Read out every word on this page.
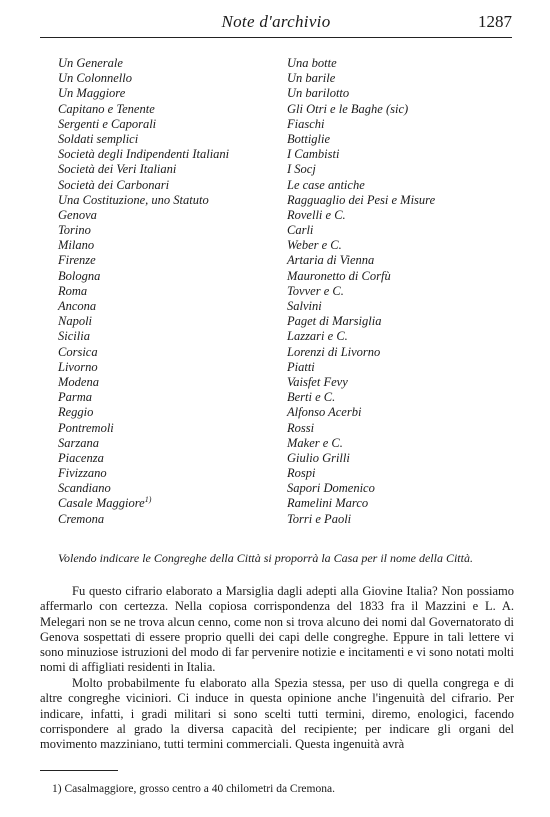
Note d'archivio	1287
Un Generale	Una botte
Un Colonnello	Un barile
Un Maggiore	Un barilotto
Capitano e Tenente	Gli Otri e le Baghe (sic)
Sergenti e Caporali	Fiaschi
Soldati semplici	Bottiglie
Società degli Indipendenti Italiani	I Cambisti
Società dei Veri Italiani	I Socj
Società dei Carbonari	Le case antiche
Una Costituzione, uno Statuto	Ragguaglio dei Pesi e Misure
Genova	Rovelli e C.
Torino	Carli
Milano	Weber e C.
Firenze	Artaria di Vienna
Bologna	Mauronetto di Corfù
Roma	Tovver e C.
Ancona	Salvini
Napoli	Paget di Marsiglia
Sicilia	Lazzari e C.
Corsica	Lorenzi di Livorno
Livorno	Piatti
Modena	Vaisfet Fevy
Parma	Berti e C.
Reggio	Alfonso Acerbi
Pontremoli	Rossi
Sarzana	Maker e C.
Piacenza	Giulio Grilli
Fivizzano	Rospi
Scandiano	Sapori Domenico
Casale Maggiore$^{1)}$	Ramelini Marco
Cremona	Torri e Paoli
Volendo indicare le Congreghe della Città si proporrà la Casa per il nome della Città.

Fu questo cifrario elaborato a Marsiglia dagli adepti alla Giovine Italia? Non possiamo affermarlo con certezza. Nella copiosa corrispondenza del 1833 fra il Mazzini e L. A. Melegari non se ne trova alcun cenno, come non si trova alcuno dei nomi dal Governatorato di Genova sospettati di essere proprio quelli dei capi delle congreghe. Eppure in tali lettere vi sono minuziose istruzioni del modo di far pervenire notizie e incitamenti e vi sono notati molti nomi di affigliati residenti in Italia.

Molto probabilmente fu elaborato alla Spezia stessa, per uso di quella congrega e di altre congreghe viciniori. Ci induce in questa opinione anche l'ingenuità del cifrario. Per indicare, infatti, i gradi militari si sono scelti tutti termini, diremo, enologici, facendo corrispondere al grado la diversa capacità del recipiente; per indicare gli organi del movimento mazziniano, tutti termini commerciali. Questa ingenuità avrà

1) Casalmaggiore, grosso centro a 40 chilometri da Cremona.
